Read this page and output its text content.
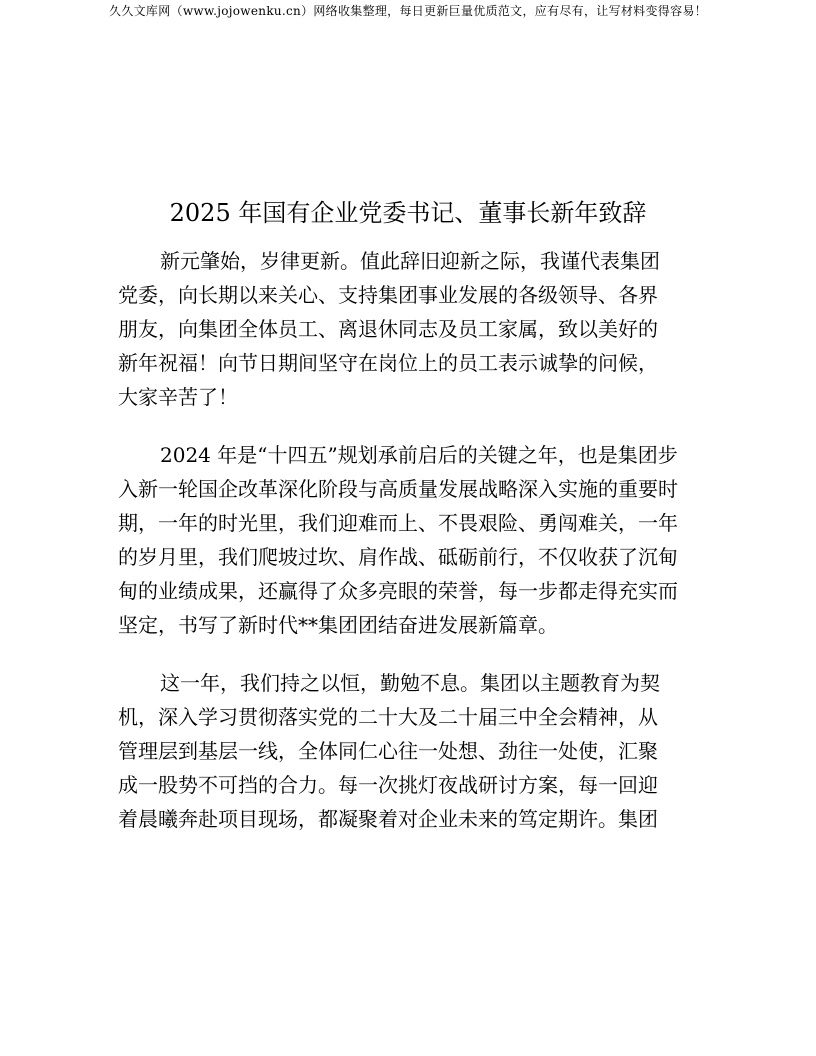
久久文库网（www.jojowenku.cn）网络收集整理，每日更新巨量优质范文，应有尽有，让写材料变得容易！
2025 年国有企业党委书记、董事长新年致辞
新元肇始，岁律更新。值此辞旧迎新之际，我谨代表集团
党委，向长期以来关心、支持集团事业发展的各级领导、各界
朋友，向集团全体员工、离退休同志及员工家属，致以美好的
新年祝福！向节日期间坚守在岗位上的员工表示诚挚的问候，
大家辛苦了！
2024 年是“十四五”规划承前启后的关键之年，也是集团步
入新一轮国企改革深化阶段与高质量发展战略深入实施的重要时
期，一年的时光里，我们迎难而上、不畏艰险、勇闯难关，一年
的岁月里，我们爬坡过坎、肩作战、砥砺前行，不仅收获了沉甸
甸的业绩成果，还赢得了众多亮眼的荣誉，每一步都走得充实而
坚定，书写了新时代**集团团结奋进发展新篇章。
这一年，我们持之以恒，勤勉不息。集团以主题教育为契
机，深入学习贯彻落实党的二十大及二十届三中全会精神，从
管理层到基层一线，全体同仁心往一处想、劲往一处使，汇聚
成一股势不可挡的合力。每一次挑灯夜战研讨方案，每一回迎
着晨曦奔赴项目现场，都凝聚着对企业未来的笃定期许。集团
